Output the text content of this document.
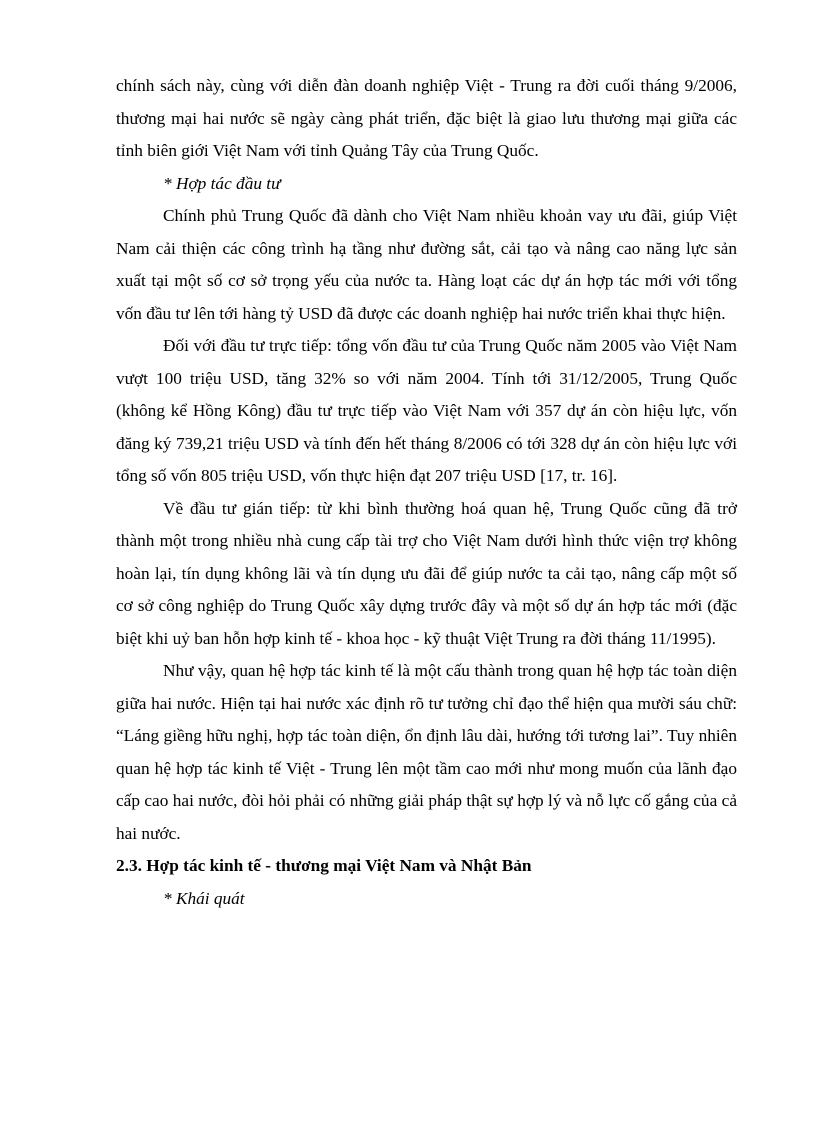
chính sách này, cùng với diễn đàn doanh nghiệp Việt - Trung ra đời cuối tháng 9/2006, thương mại hai nước sẽ ngày càng phát triển, đặc biệt là giao lưu thương mại giữa các tỉnh biên giới Việt Nam với tỉnh Quảng Tây của Trung Quốc.

* Hợp tác đầu tư

Chính phủ Trung Quốc đã dành cho Việt Nam nhiều khoản vay ưu đãi, giúp Việt Nam cải thiện các công trình hạ tầng như đường sắt, cải tạo và nâng cao năng lực sản xuất tại một số cơ sở trọng yếu của nước ta. Hàng loạt các dự án hợp tác mới với tổng vốn đầu tư lên tới hàng tỷ USD đã được các doanh nghiệp hai nước triển khai thực hiện.

Đối với đầu tư trực tiếp: tổng vốn đầu tư của Trung Quốc năm 2005 vào Việt Nam vượt 100 triệu USD, tăng 32% so với năm 2004. Tính tới 31/12/2005, Trung Quốc (không kể Hồng Kông) đầu tư trực tiếp vào Việt Nam với 357 dự án còn hiệu lực, vốn đăng ký 739,21 triệu USD và tính đến hết tháng 8/2006 có tới 328 dự án còn hiệu lực với tổng số vốn 805 triệu USD, vốn thực hiện đạt 207 triệu USD [17, tr. 16].

Về đầu tư gián tiếp: từ khi bình thường hoá quan hệ, Trung Quốc cũng đã trở thành một trong nhiều nhà cung cấp tài trợ cho Việt Nam dưới hình thức viện trợ không hoàn lại, tín dụng không lãi và tín dụng ưu đãi để giúp nước ta cải tạo, nâng cấp một số cơ sở công nghiệp do Trung Quốc xây dựng trước đây và một số dự án hợp tác mới (đặc biệt khi uỷ ban hỗn hợp kinh tế - khoa học - kỹ thuật Việt Trung ra đời tháng 11/1995).

Như vậy, quan hệ hợp tác kinh tế là một cấu thành trong quan hệ hợp tác toàn diện giữa hai nước. Hiện tại hai nước xác định rõ tư tưởng chỉ đạo thể hiện qua mười sáu chữ: “Láng giềng hữu nghị, hợp tác toàn diện, ổn định lâu dài, hướng tới tương lai”. Tuy nhiên quan hệ hợp tác kinh tế Việt - Trung lên một tầm cao mới như mong muốn của lãnh đạo cấp cao hai nước, đòi hỏi phải có những giải pháp thật sự hợp lý và nỗ lực cố gắng của cả hai nước.

2.3. Hợp tác kinh tế - thương mại Việt Nam và Nhật Bản

* Khái quát
